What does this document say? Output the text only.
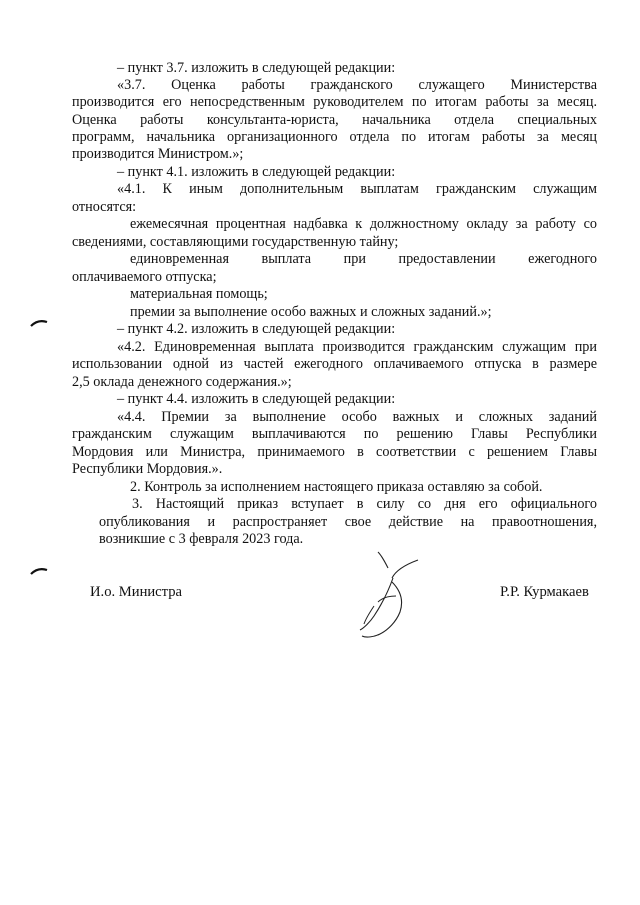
– пункт 3.7. изложить в следующей редакции:
«3.7. Оценка работы гражданского служащего Министерства
производится его непосредственным руководителем по итогам работы за месяц.
Оценка работы консультанта-юриста, начальника отдела специальных
программ, начальника организационного отдела по итогам работы за месяц
производится Министром.»;
– пункт 4.1. изложить в следующей редакции:
«4.1. К иным дополнительным выплатам гражданским служащим
относятся:
ежемесячная процентная надбавка к должностному окладу за работу со
сведениями, составляющими государственную тайну;
единовременная выплата при предоставлении ежегодного
оплачиваемого отпуска;
материальная помощь;
премии за выполнение особо важных и сложных заданий.»;
– пункт 4.2. изложить в следующей редакции:
«4.2. Единовременная выплата производится гражданским служащим при
использовании одной из частей ежегодного оплачиваемого отпуска в размере
2,5 оклада денежного содержания.»;
– пункт 4.4. изложить в следующей редакции:
«4.4. Премии за выполнение особо важных и сложных заданий
гражданским служащим выплачиваются по решению Главы Республики
Мордовия или Министра, принимаемого в соответствии с решением Главы
Республики Мордовия.».
2. Контроль за исполнением настоящего приказа оставляю за собой.
3. Настоящий приказ вступает в силу со дня его официального
опубликования и распространяет свое действие на правоотношения,
возникшие с 3 февраля 2023 года.
И.о. Министра	Р.Р. Курмакаев
